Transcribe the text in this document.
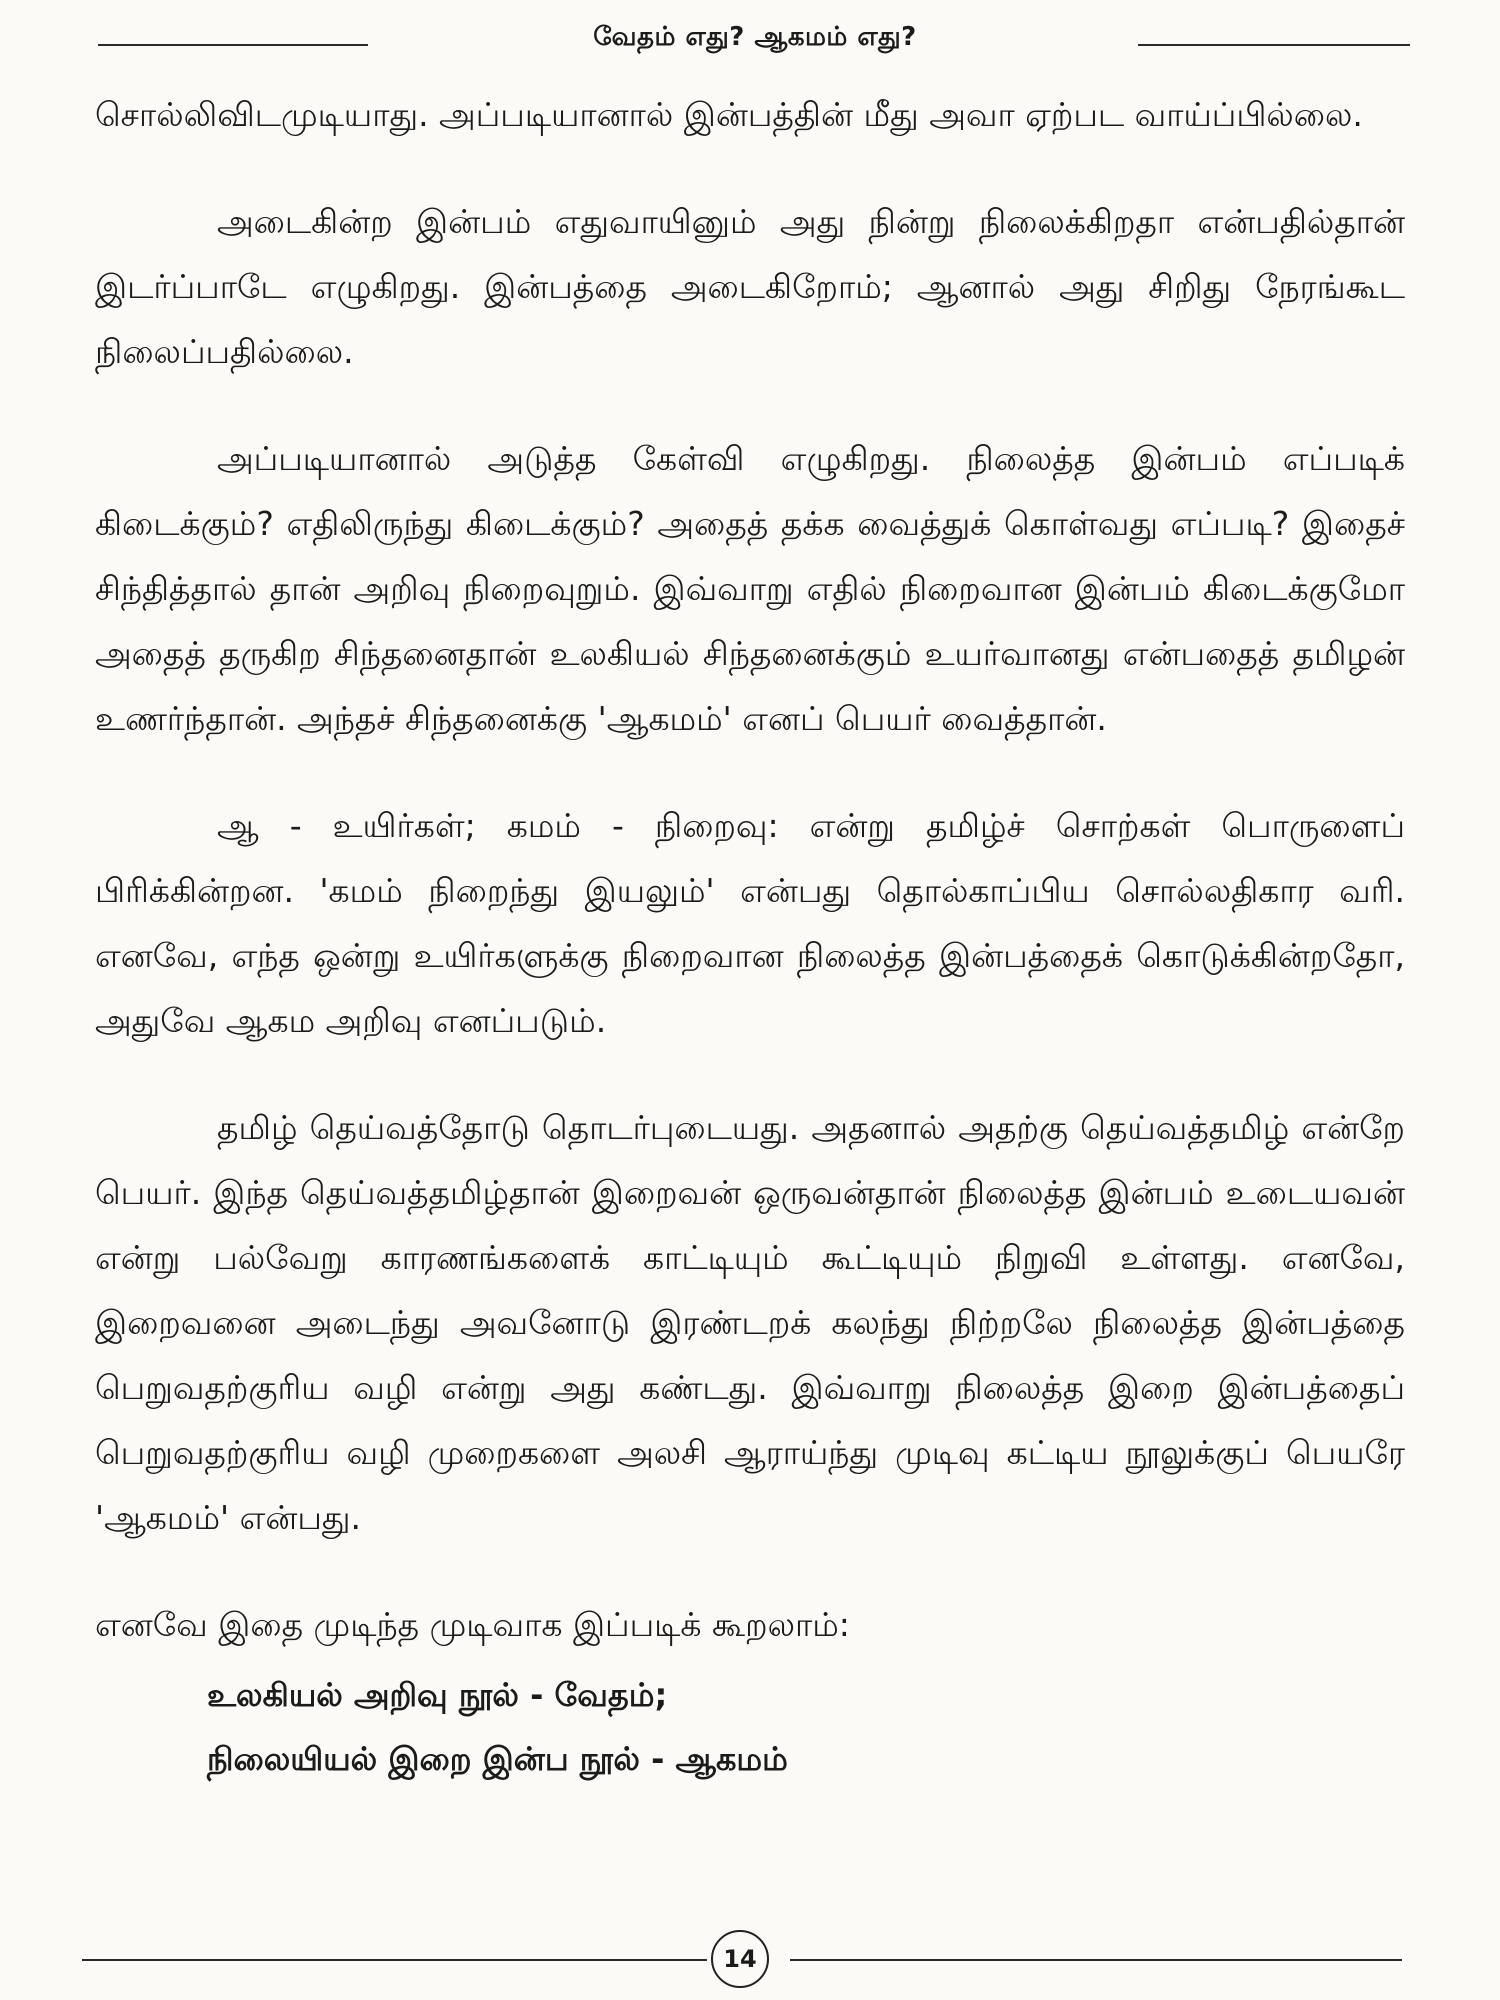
வேதம் எது? ஆகமம் எது?

சொல்லிவிடமுடியாது. அப்படியானால் இன்பத்தின் மீது அவா ஏற்பட வாய்ப்பில்லை.

அடைகின்ற இன்பம் எதுவாயினும் அது நின்று நிலைக்கிறதா என்பதில்தான் இடர்ப்பாடே எழுகிறது. இன்பத்தை அடைகிறோம்; ஆனால் அது சிறிது நேரங்கூட நிலைப்பதில்லை.

அப்படியானால் அடுத்த கேள்வி எழுகிறது. நிலைத்த இன்பம் எப்படிக் கிடைக்கும்? எதிலிருந்து கிடைக்கும்? அதைத் தக்க வைத்துக் கொள்வது எப்படி? இதைச் சிந்தித்தால் தான் அறிவு நிறைவுறும். இவ்வாறு எதில் நிறைவான இன்பம் கிடைக்குமோ அதைத் தருகிற சிந்தனைதான் உலகியல் சிந்தனைக்கும் உயர்வானது என்பதைத் தமிழன் உணர்ந்தான். அந்தச் சிந்தனைக்கு 'ஆகமம்' எனப் பெயர் வைத்தான்.

ஆ - உயிர்கள்; கமம் - நிறைவு: என்று தமிழ்ச் சொற்கள் பொருளைப் பிரிக்கின்றன. 'கமம் நிறைந்து இயலும்' என்பது தொல்காப்பிய சொல்லதிகார வரி. எனவே, எந்த ஒன்று உயிர்களுக்கு நிறைவான நிலைத்த இன்பத்தைக் கொடுக்கின்றதோ, அதுவே ஆகம அறிவு எனப்படும்.

தமிழ் தெய்வத்தோடு தொடர்புடையது. அதனால் அதற்கு தெய்வத்தமிழ் என்றே பெயர். இந்த தெய்வத்தமிழ்தான் இறைவன் ஒருவன்தான் நிலைத்த இன்பம் உடையவன் என்று பல்வேறு காரணங்களைக் காட்டியும் கூட்டியும் நிறுவி உள்ளது. எனவே, இறைவனை அடைந்து அவனோடு இரண்டறக் கலந்து நிற்றலே நிலைத்த இன்பத்தை பெறுவதற்குரிய வழி என்று அது கண்டது. இவ்வாறு நிலைத்த இறை இன்பத்தைப் பெறுவதற்குரிய வழி முறைகளை அலசி ஆராய்ந்து முடிவு கட்டிய நூலுக்குப் பெயரே 'ஆகமம்' என்பது.

எனவே இதை முடிந்த முடிவாக இப்படிக் கூறலாம்:

உலகியல் அறிவு நூல் - வேதம்;
நிலையியல் இறை இன்ப நூல் - ஆகமம்
14
